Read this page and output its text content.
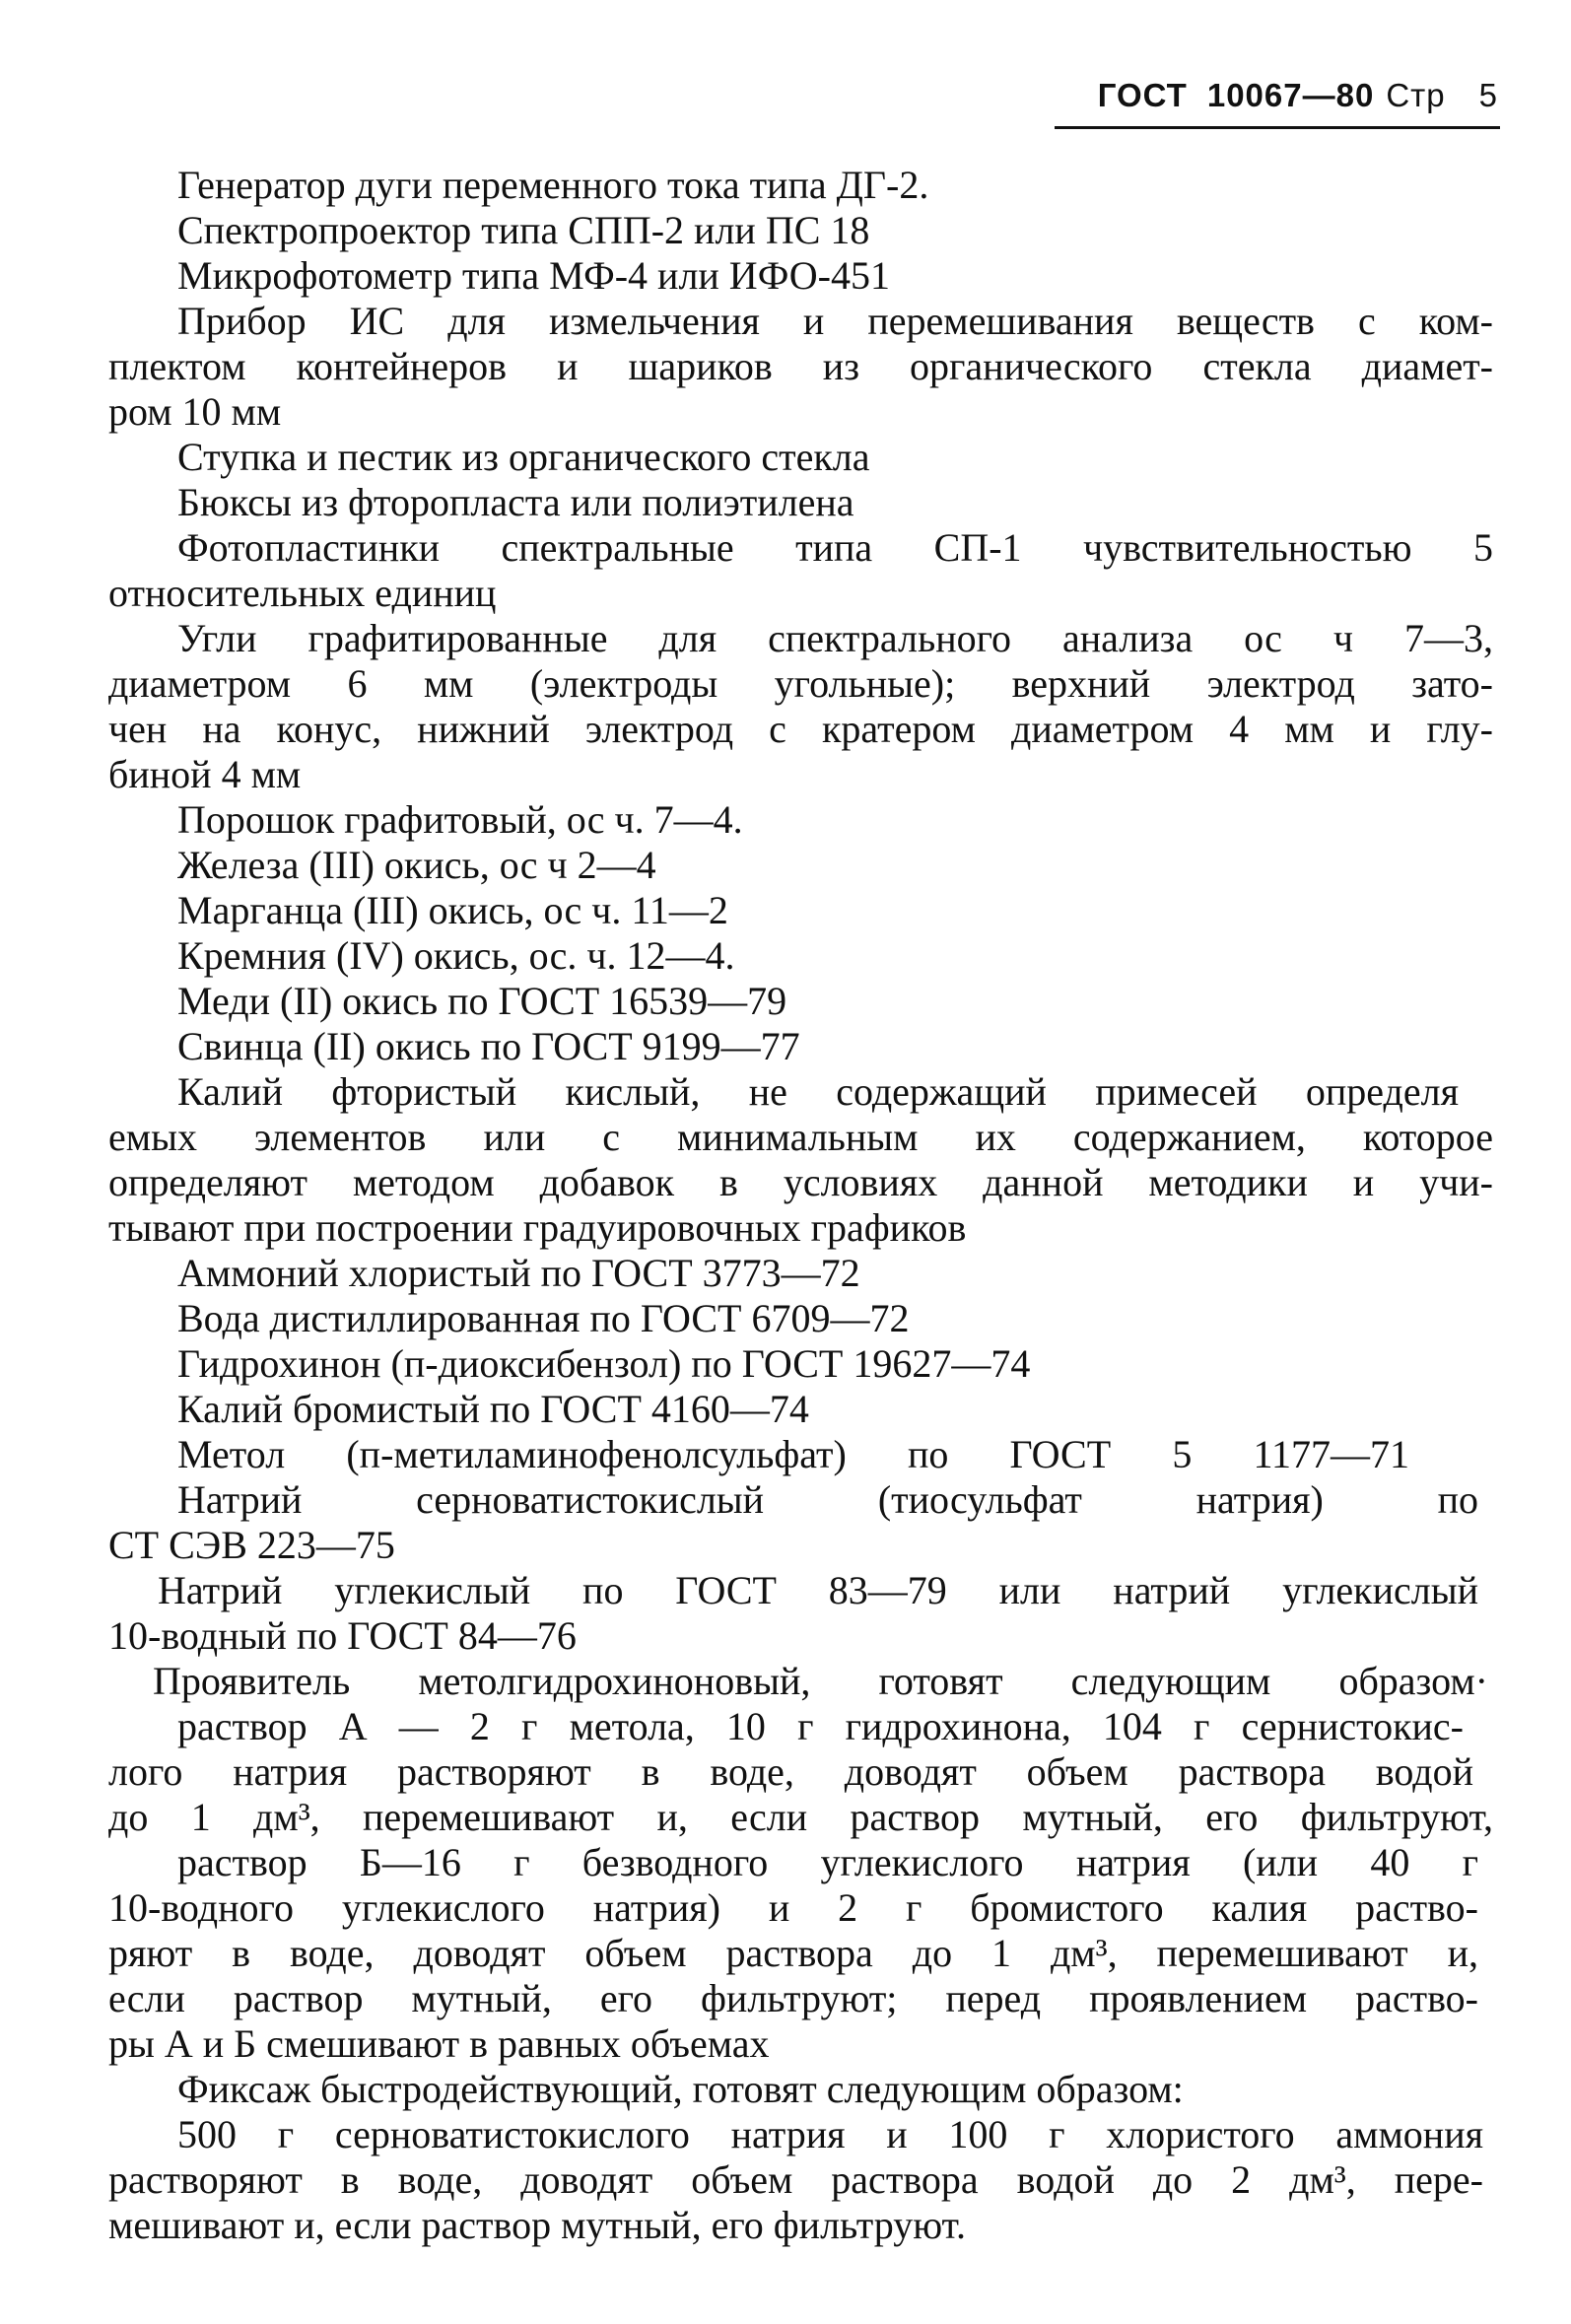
ГОСТ 10067—80 Стр 5
Генератор дуги переменного тока типа ДГ-2.
Спектропроектор типа СПП-2 или ПС 18
Микрофотометр типа МФ-4 или ИФО-451
Прибор ИС для измельчения и перемешивания веществ с ком-
плектом контейнеров и шариков из органического стекла диамет-
ром 10 мм
Ступка и пестик из органического стекла
Бюксы из фторопласта или полиэтилена
Фотопластинки спектральные типа СП-1 чувствительностью 5
относительных единиц
Угли графитированные для спектрального анализа ос ч 7—3,
диаметром 6 мм (электроды угольные); верхний электрод зато-
чен на конус, нижний электрод с кратером диаметром 4 мм и глу-
биной 4 мм
Порошок графитовый, ос ч. 7—4.
Железа (III) окись, ос ч 2—4
Марганца (III) окись, ос ч. 11—2
Кремния (IV) окись, ос. ч. 12—4.
Меди (II) окись по ГОСТ 16539—79
Свинца (II) окись по ГОСТ 9199—77
Калий фтористый кислый, не содержащий примесей определя
емых элементов или с минимальным их содержанием, которое
определяют методом добавок в условиях данной методики и учи-
тывают при построении градуировочных графиков
Аммоний хлористый по ГОСТ 3773—72
Вода дистиллированная по ГОСТ 6709—72
Гидрохинон (п-диоксибензол) по ГОСТ 19627—74
Калий бромистый по ГОСТ 4160—74
Метол (п-метиламинофенолсульфат) по ГОСТ 5 1177—71
Натрий серноватистокислый (тиосульфат натрия) по
СТ СЭВ 223—75
Натрий углекислый по ГОСТ 83—79 или натрий углекислый
10-водный по ГОСТ 84—76
Проявитель метолгидрохиноновый, готовят следующим образом·
раствор А — 2 г метола, 10 г гидрохинона, 104 г сернистокис-
лого натрия растворяют в воде, доводят объем раствора водой
до 1 дм³, перемешивают и, если раствор мутный, его фильтруют,
раствор Б—16 г безводного углекислого натрия (или 40 г
10-водного углекислого натрия) и 2 г бромистого калия раство-
ряют в воде, доводят объем раствора до 1 дм³, перемешивают и,
если раствор мутный, его фильтруют; перед проявлением раство-
ры А и Б смешивают в равных объемах
Фиксаж быстродействующий, готовят следующим образом:
500 г серноватистокислого натрия и 100 г хлористого аммония
растворяют в воде, доводят объем раствора водой до 2 дм³, пере-
мешивают и, если раствор мутный, его фильтруют.
